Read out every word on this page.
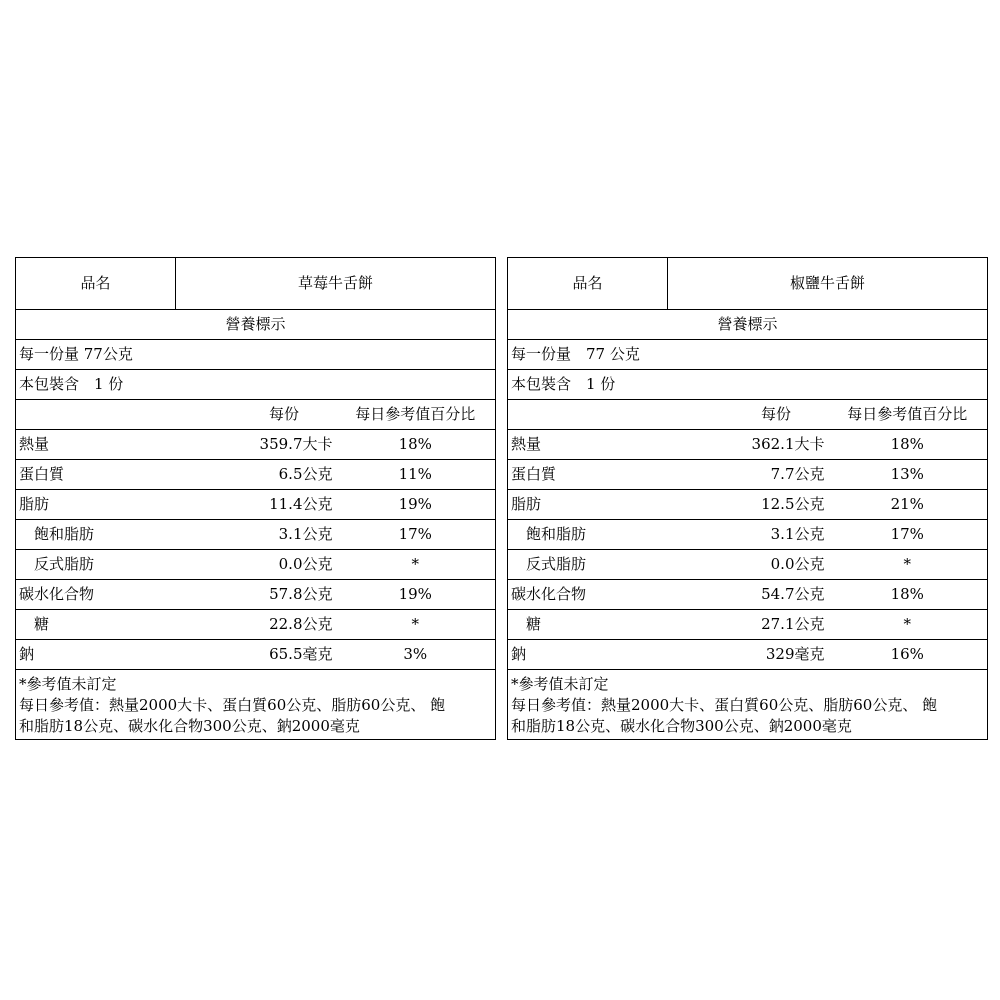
品名	草莓牛舌餅	
營養標示		
每一份量 77公克		
本包裝含　1 份		
	每份	每日參考值百分比
熱量	359.7大卡	18%
蛋白質	6.5公克	11%
脂肪	11.4公克	19%
飽和脂肪	3.1公克	17%
反式脂肪	0.0公克	*
碳水化合物	57.8公克	19%
糖	22.8公克	*
鈉	65.5毫克	3%

*參考值未訂定
每日參考值：熱量2000大卡、蛋白質60公克、脂肪60公克、 飽
和脂肪18公克、碳水化合物300公克、鈉2000毫克		
品名	椒鹽牛舌餅	
營養標示		
每一份量　77 公克		
本包裝含　1 份		
	每份	每日參考值百分比
熱量	362.1大卡	18%
蛋白質	7.7公克	13%
脂肪	12.5公克	21%
飽和脂肪	3.1公克	17%
反式脂肪	0.0公克	*
碳水化合物	54.7公克	18%
糖	27.1公克	*
鈉	329毫克	16%

*參考值未訂定
每日參考值：熱量2000大卡、蛋白質60公克、脂肪60公克、 飽
和脂肪18公克、碳水化合物300公克、鈉2000毫克		
